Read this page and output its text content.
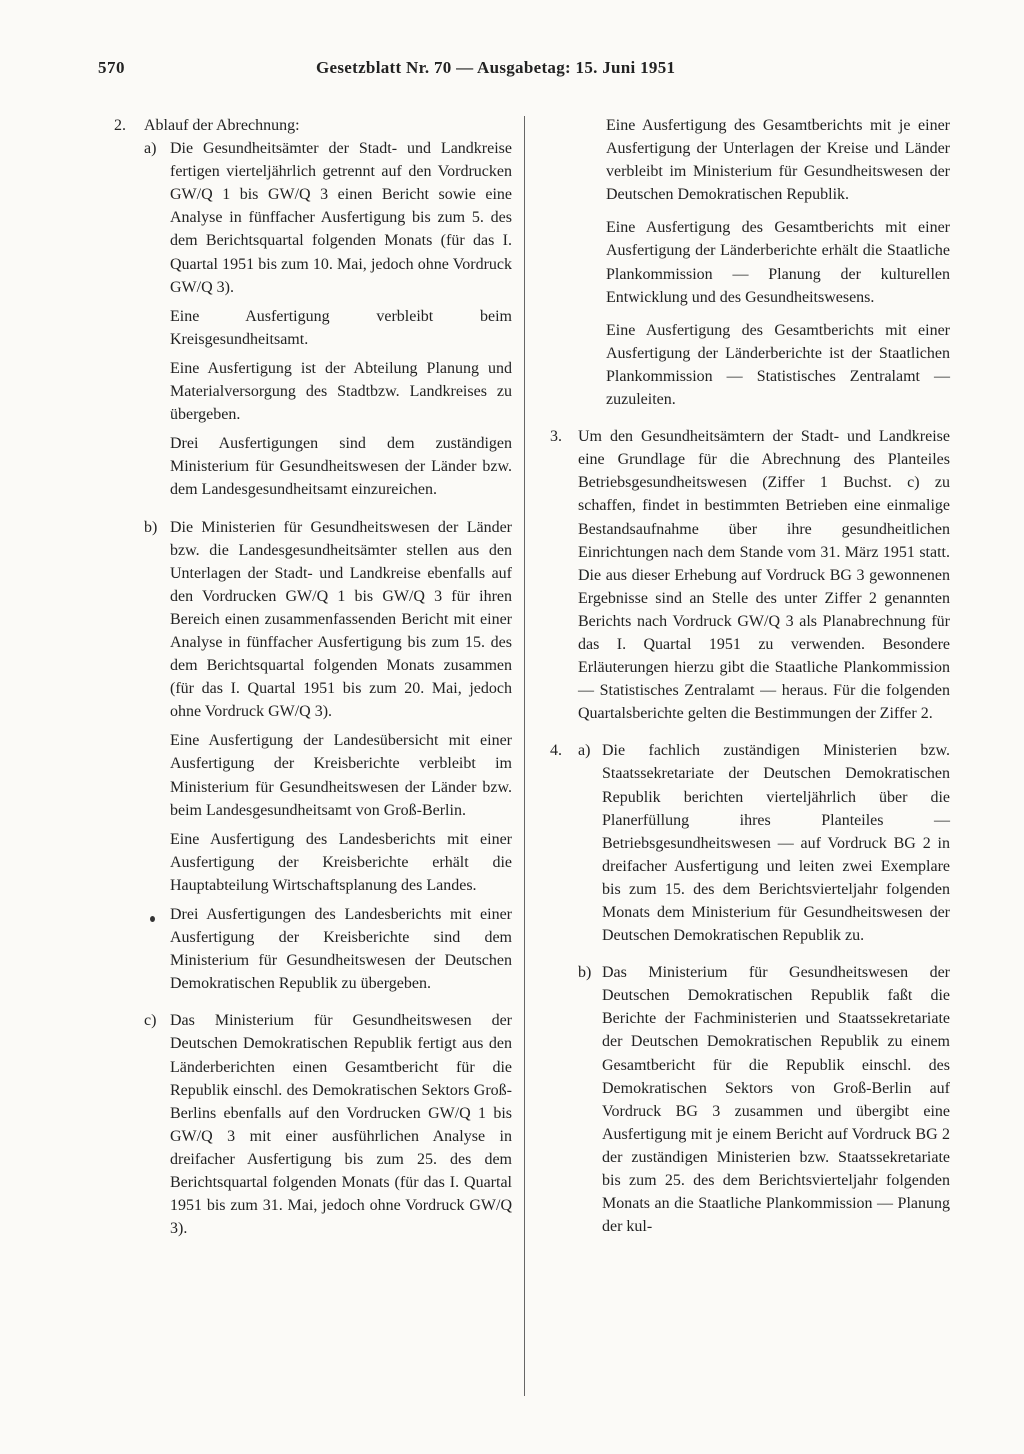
570	Gesetzblatt Nr. 70 — Ausgabetag: 15. Juni 1951
2.	Ablauf der Abrechnung:

a) Die Gesundheitsämter der Stadt- und Landkreise fertigen vierteljährlich getrennt auf den Vordrucken GW/Q 1 bis GW/Q 3 einen Bericht sowie eine Analyse in fünffacher Ausfertigung bis zum 5. des dem Berichtsquartal folgenden Monats (für das I. Quartal 1951 bis zum 10. Mai, jedoch ohne Vordruck GW/Q 3).

Eine Ausfertigung verbleibt beim Kreisgesundheitsamt.

Eine Ausfertigung ist der Abteilung Planung und Materialversorgung des Stadtbzw. Landkreises zu übergeben.

Drei Ausfertigungen sind dem zuständigen Ministerium für Gesundheitswesen der Länder bzw. dem Landesgesundheitsamt einzureichen.

b) Die Ministerien für Gesundheitswesen der Länder bzw. die Landesgesundheitsämter stellen aus den Unterlagen der Stadt- und Landkreise ebenfalls auf den Vordrucken GW/Q 1 bis GW/Q 3 für ihren Bereich einen zusammenfassenden Bericht mit einer Analyse in fünffacher Ausfertigung bis zum 15. des dem Berichtsquartal folgenden Monats zusammen (für das I. Quartal 1951 bis zum 20. Mai, jedoch ohne Vordruck GW/Q 3).

Eine Ausfertigung der Landesübersicht mit einer Ausfertigung der Kreisberichte verbleibt im Ministerium für Gesundheitswesen der Länder bzw. beim Landesgesundheitsamt von Groß-Berlin.

Eine Ausfertigung des Landesberichts mit einer Ausfertigung der Kreisberichte erhält die Hauptabteilung Wirtschaftsplanung des Landes.

Drei Ausfertigungen des Landesberichts mit einer Ausfertigung der Kreisberichte sind dem Ministerium für Gesundheitswesen der Deutschen Demokratischen Republik zu übergeben.

c) Das Ministerium für Gesundheitswesen der Deutschen Demokratischen Republik fertigt aus den Länderberichten einen Gesamtbericht für die Republik einschl. des Demokratischen Sektors Groß-Berlins ebenfalls auf den Vordrucken GW/Q 1 bis GW/Q 3 mit einer ausführlichen Analyse in dreifacher Ausfertigung bis zum 25. des dem Berichtsquartal folgenden Monats (für das I. Quartal 1951 bis zum 31. Mai, jedoch ohne Vordruck GW/Q 3).

Eine Ausfertigung des Gesamtberichts mit je einer Ausfertigung der Unterlagen der Kreise und Länder verbleibt im Ministerium für Gesundheitswesen der Deutschen Demokratischen Republik.

Eine Ausfertigung des Gesamtberichts mit einer Ausfertigung der Länderberichte erhält die Staatliche Plankommission — Planung der kulturellen Entwicklung und des Gesundheitswesens.

Eine Ausfertigung des Gesamtberichts mit einer Ausfertigung der Länderberichte ist der Staatlichen Plankommission — Statistisches Zentralamt — zuzuleiten.

3.	Um den Gesundheitsämtern der Stadt- und Landkreise eine Grundlage für die Abrechnung des Planteiles Betriebsgesundheitswesen (Ziffer 1 Buchst. c) zu schaffen, findet in bestimmten Betrieben eine einmalige Bestandsaufnahme über ihre gesundheitlichen Einrichtungen nach dem Stande vom 31. März 1951 statt. Die aus dieser Erhebung auf Vordruck BG 3 gewonnenen Ergebnisse sind an Stelle des unter Ziffer 2 genannten Berichts nach Vordruck GW/Q 3 als Planabrechnung für das I. Quartal 1951 zu verwenden. Besondere Erläuterungen hierzu gibt die Staatliche Plankommission — Statistisches Zentralamt — heraus. Für die folgenden Quartalsberichte gelten die Bestimmungen der Ziffer 2.

4. a) Die fachlich zuständigen Ministerien bzw. Staatssekretariate der Deutschen Demokratischen Republik berichten vierteljährlich über die Planerfüllung ihres Planteiles — Betriebsgesundheitswesen — auf Vordruck BG 2 in dreifacher Ausfertigung und leiten zwei Exemplare bis zum 15. des dem Berichtsvierteljahr folgenden Monats dem Ministerium für Gesundheitswesen der Deutschen Demokratischen Republik zu.

b) Das Ministerium für Gesundheitswesen der Deutschen Demokratischen Republik faßt die Berichte der Fachministerien und Staatssekretariate der Deutschen Demokratischen Republik zu einem Gesamtbericht für die Republik einschl. des Demokratischen Sektors von Groß-Berlin auf Vordruck BG 3 zusammen und übergibt eine Ausfertigung mit je einem Bericht auf Vordruck BG 2 der zuständigen Ministerien bzw. Staatssekretariate bis zum 25. des dem Berichtsvierteljahr folgenden Monats an die Staatliche Plankommission — Planung der kul-
